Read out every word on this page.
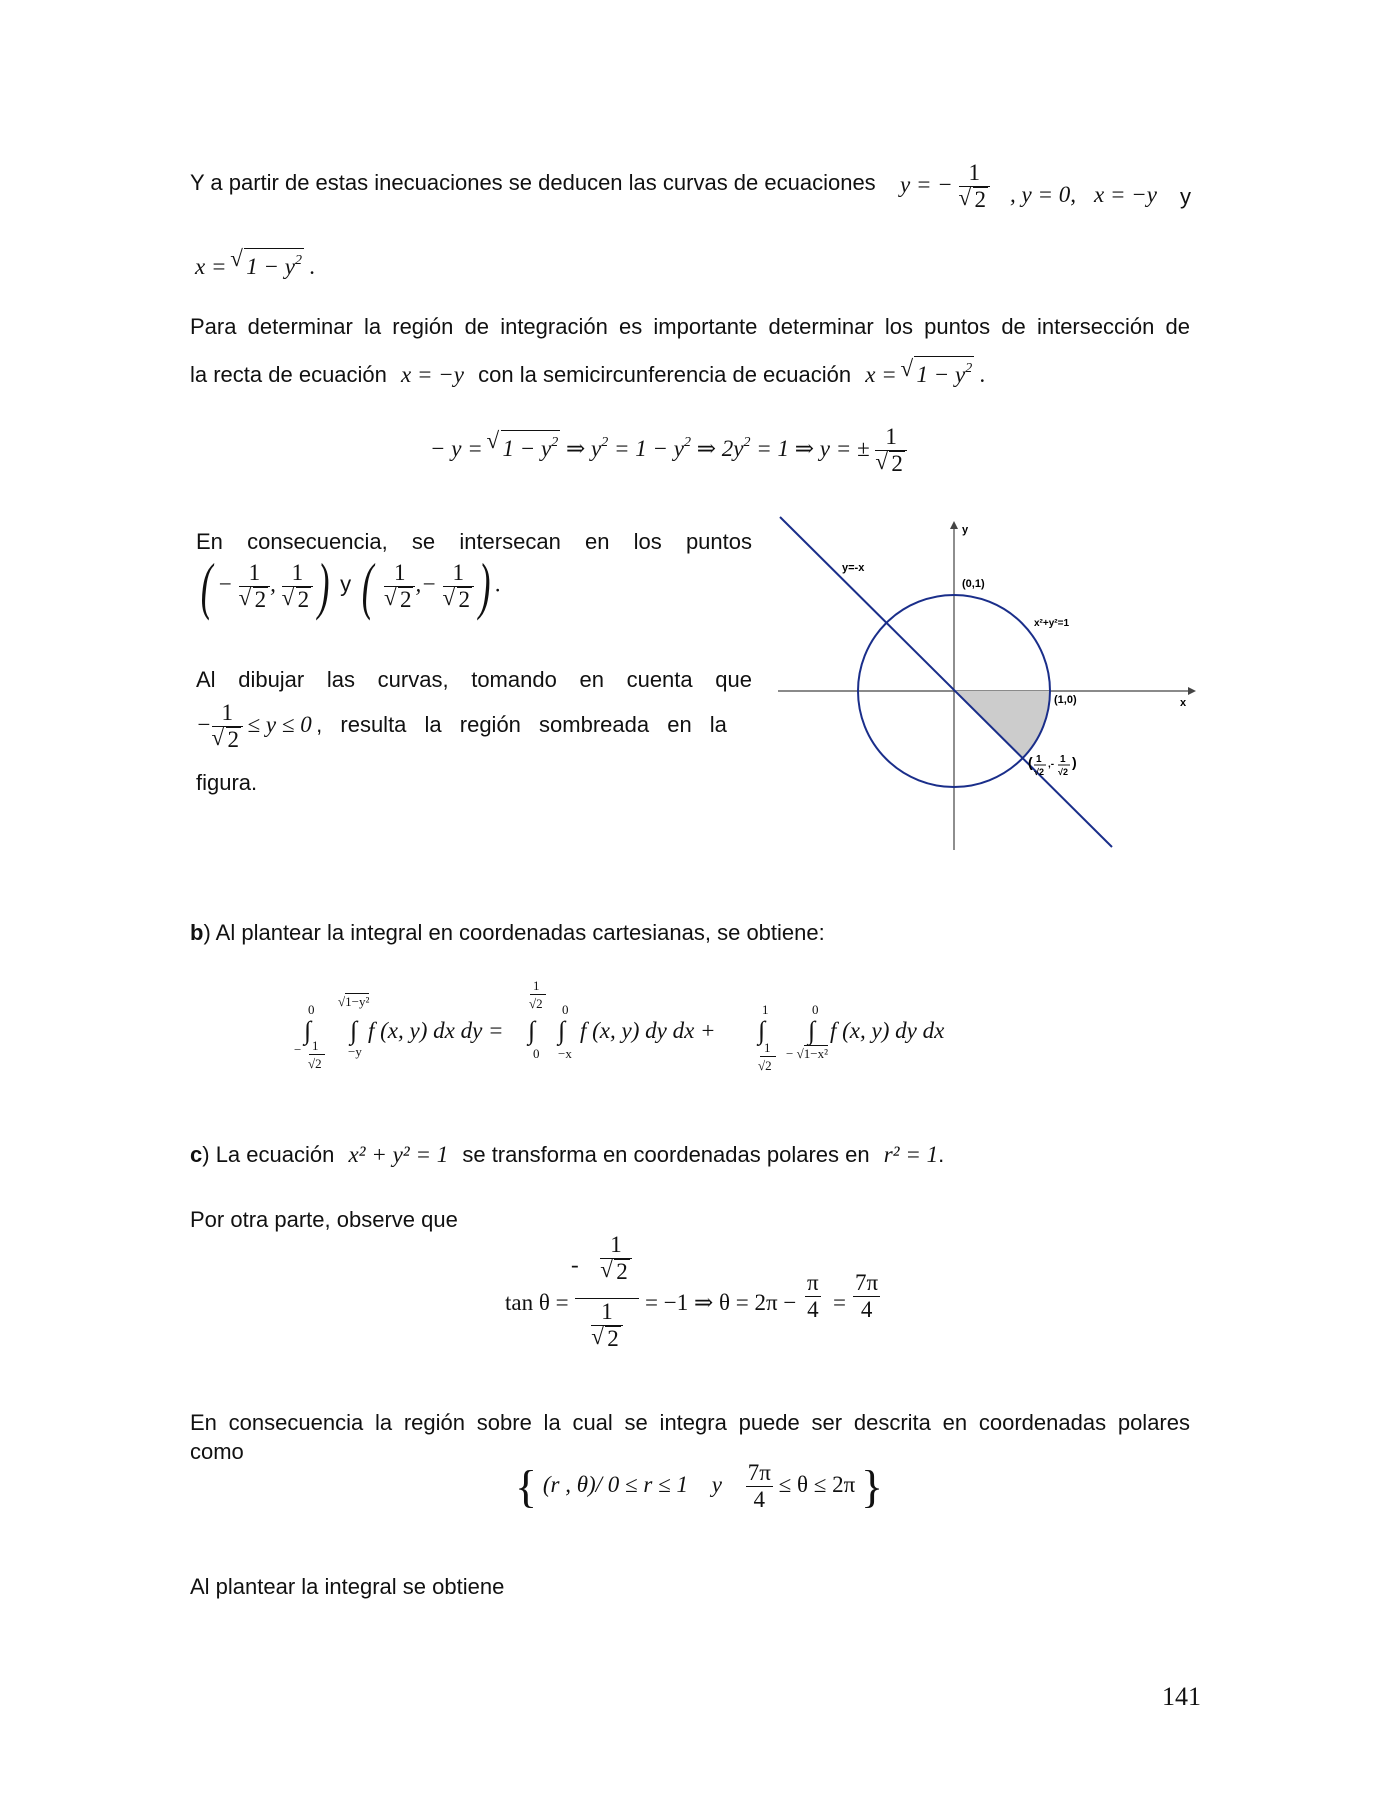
Y a partir de estas inecuaciones se deducen las curvas de ecuaciones	y = − 1
√ 2 , y = 0, x = −y y
x = √ $1 - y^2$ .
Para determinar la región de integración es importante determinar los puntos de intersección de
la recta de ecuación x = −y con la semicircunferencia de ecuación x = √ $1 - y^2$ .
− y = √ $1 - y^2$ ⇒ $y^2 = 1 - y^2$ ⇒ $2y^2 = 1$ ⇒ y = ± 1
√ 2
En consecuencia, se intersecan en los puntos
( − 1
√ 2 , 1
√ 2 ) y ( 1
√ 2 ,− 1
√ 2 ) .
Al dibujar las curvas, tomando en cuenta que
− 1
√ 2 ≤ y ≤ 0 , resulta la región sombreada en la
figura.
y
x
y=-x
(0,1)
x²+y²=1
(1,0)
( 1
√2
,- 1
√2
)
b) Al plantear la integral en coordenadas cartesianas, se obtiene:
0
∫
− 1
√2
√1−y²
∫
−y
f (x, y) dx dy =
1
√2
∫
0
0
∫
−x
f (x, y) dy dx +
1
∫
1
√2
0
∫
− √1−x²
f (x, y) dy dx
c) La ecuación x² + y² = 1 se transforma en coordenadas polares en r² = 1.
Por otra parte, observe que
tan θ =
- 1
√ 2
1
√ 2 = −1 ⇒ $\theta = 2\pi - \frac{\pi}{4} = \frac{7\pi}{4}$
En consecuencia la región sobre la cual se integra puede ser descrita en coordenadas polares
como
{ (r , θ)/ 0 ≤ r ≤ 1 y $\frac{7\pi}{4} \le \theta \le 2\pi$ }
Al plantear la integral se obtiene
141
